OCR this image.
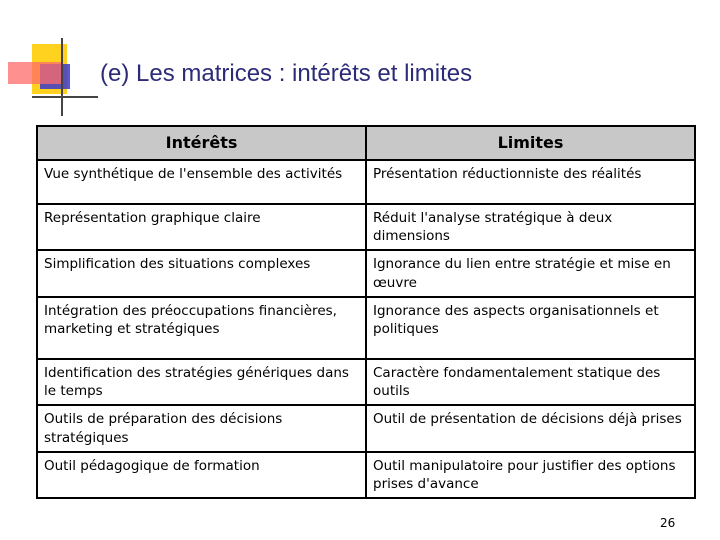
(e) Les matrices : intérêts et limites
Intérêts	Limites
Vue synthétique de l'ensemble des activités	Présentation réductionniste des réalités
Représentation graphique claire	Réduit l'analyse stratégique à deux dimensions
Simplification des situations complexes	Ignorance du lien entre stratégie et mise en œuvre
Intégration des préoccupations financières, marketing et stratégiques	Ignorance des aspects organisationnels et politiques
Identification des stratégies génériques dans le temps	Caractère fondamentalement statique des outils
Outils de préparation des décisions stratégiques	Outil de présentation de décisions déjà prises
Outil pédagogique de formation	Outil manipulatoire pour justifier des options prises d'avance
26
